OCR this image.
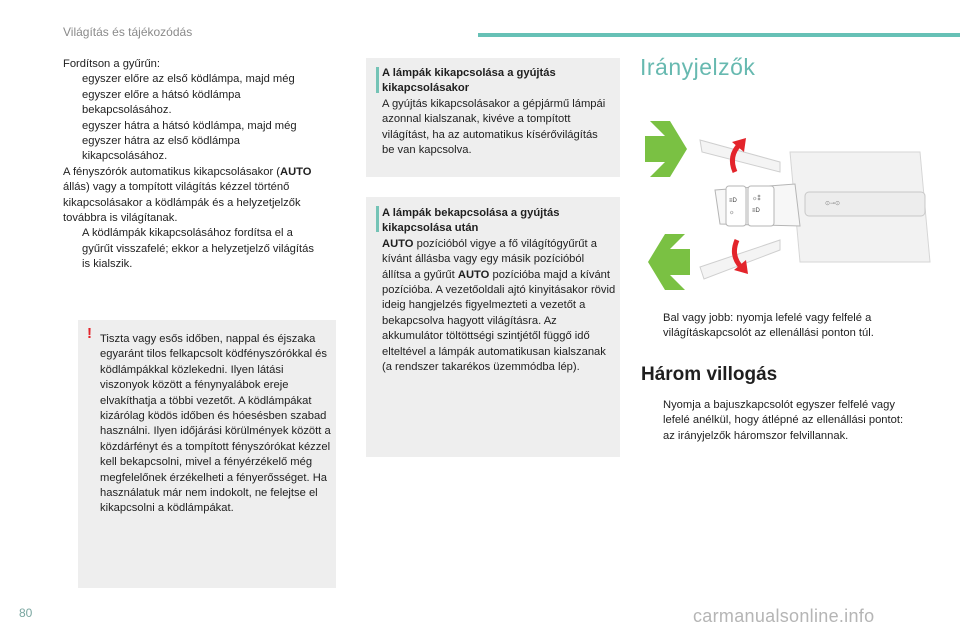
Világítás és tájékozódás

Fordítson a gyűrűn:

egyszer előre az első ködlámpa, majd még egyszer előre a hátsó ködlámpa bekapcsolásához.

egyszer hátra a hátsó ködlámpa, majd még egyszer hátra az első ködlámpa kikapcsolásához.

A fényszórók automatikus kikapcsolásakor (AUTO állás) vagy a tompított világítás kézzel történő kikapcsolásakor a ködlámpák és a helyzetjelzők továbbra is világítanak.

A ködlámpák kikapcsolásához fordítsa el a gyűrűt visszafelé; ekkor a helyzetjelző világítás is kialszik.

! Tiszta vagy esős időben, nappal és éjszaka egyaránt tilos felkapcsolt ködfényszórókkal és ködlámpákkal közlekedni. Ilyen látási viszonyok között a fénynyalábok ereje elvakíthatja a többi vezetőt. A ködlámpákat kizárólag ködös időben és hóesésben szabad használni. Ilyen időjárási körülmények között a közdárfényt és a tompított fényszórókat kézzel kell bekapcsolni, mivel a fényérzékelő még megfelelőnek érzékelheti a fényerősséget. Ha használatuk már nem indokolt, ne felejtse el kikapcsolni a ködlámpákat.
A lámpák kikapcsolása a gyújtás kikapcsolásakor
A gyújtás kikapcsolásakor a gépjármű lámpái azonnal kialszanak, kivéve a tompított világítást, ha az automatikus kísérővilágítás be van kapcsolva.
A lámpák bekapcsolása a gyújtás kikapcsolása után
AUTO pozícióból vigye a fő világítógyűrűt a kívánt állásba vagy egy másik pozícióból állítsa a gyűrűt AUTO pozícióba majd a kívánt pozícióba. A vezetőoldali ajtó kinyitásakor rövid ideig hangjelzés figyelmezteti a vezetőt a bekapcsolva hagyott világításra. Az akkumulátor töltöttségi szintjétől függő idő elteltével a lámpák automatikusan kialszanak (a rendszer takarékos üzemmódba lép).
Irányjelzők
⊙⊸⊙
☼⁑
≡D
≡D
☼

Bal vagy jobb: nyomja lefelé vagy felfelé a világításkapcsolót az ellenállási ponton túl.

Három villogás

Nyomja a bajuszkapcsolót egyszer felfelé vagy lefelé anélkül, hogy átlépné az ellenállási pontot: az irányjelzők háromszor felvillannak.

80	carmanualsonline.info
